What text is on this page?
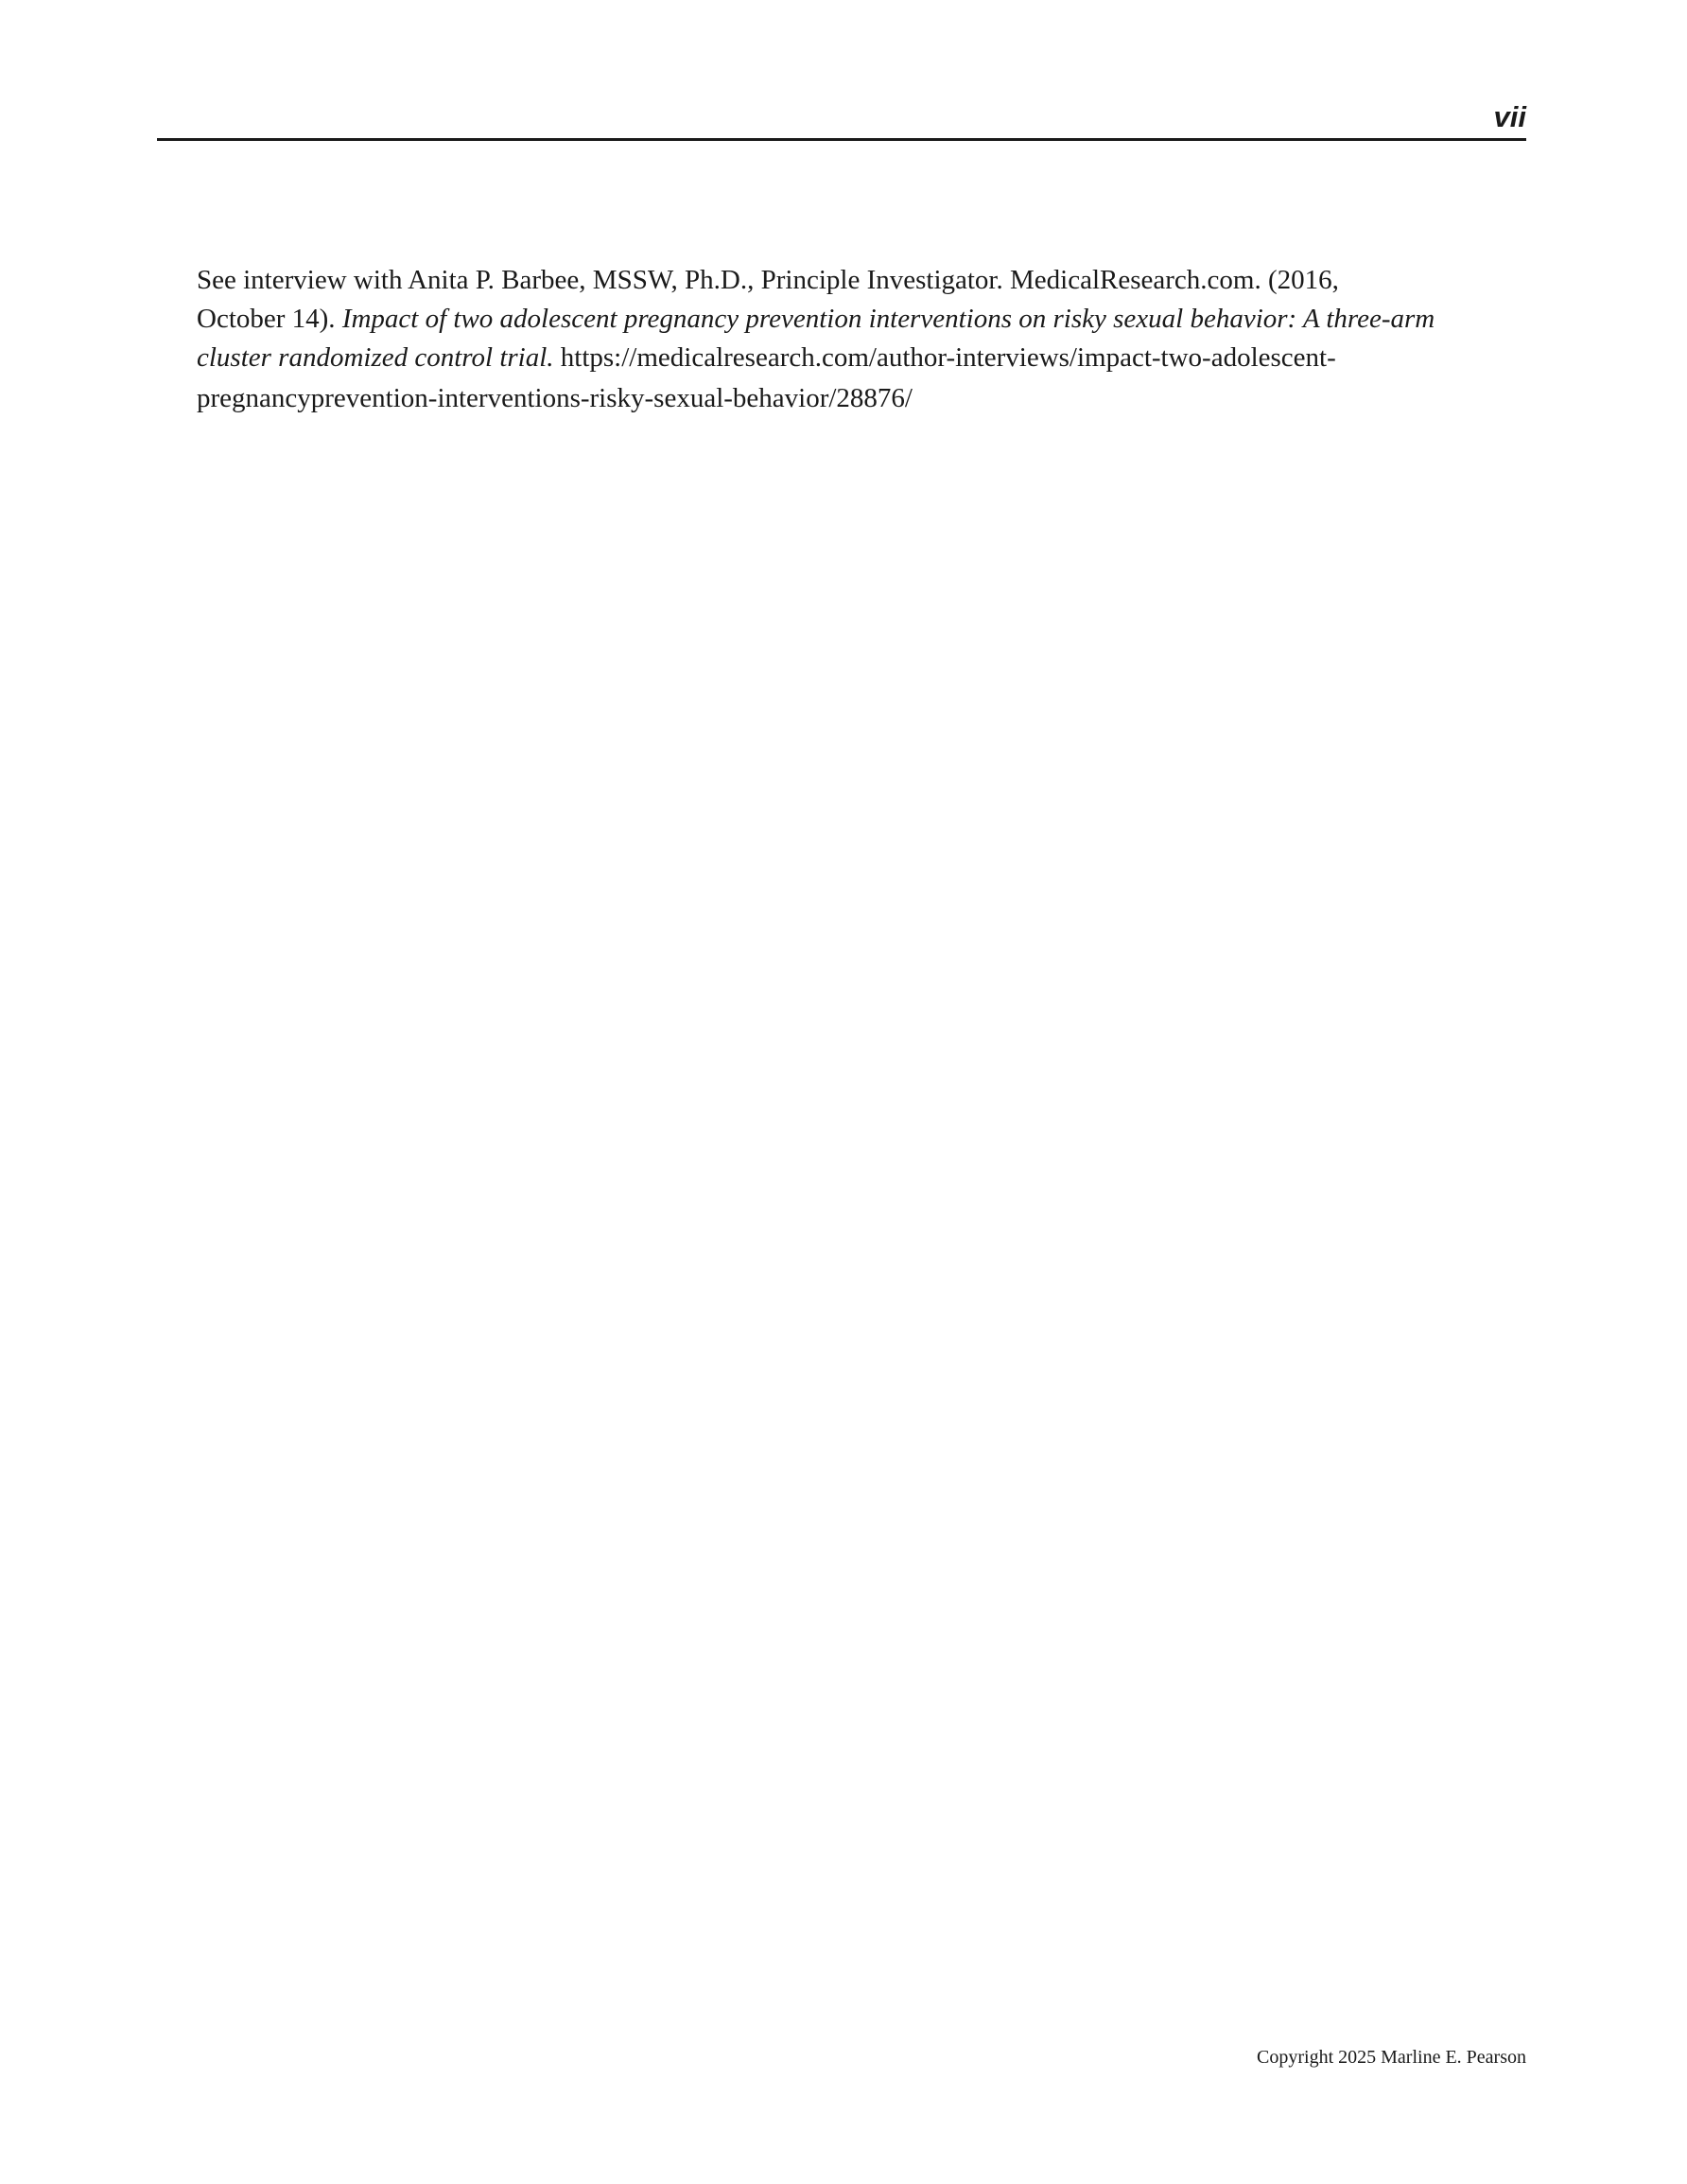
vii
See interview with Anita P. Barbee, MSSW, Ph.D., Principle Investigator. MedicalResearch.com. (2016,
October 14). Impact of two adolescent pregnancy prevention interventions on risky sexual behavior: A three-arm
cluster randomized control trial. https://medicalresearch.com/author-interviews/impact-two-adolescent-
pregnancyprevention-interventions-risky-sexual-behavior/28876/
Copyright 2025 Marline E. Pearson
